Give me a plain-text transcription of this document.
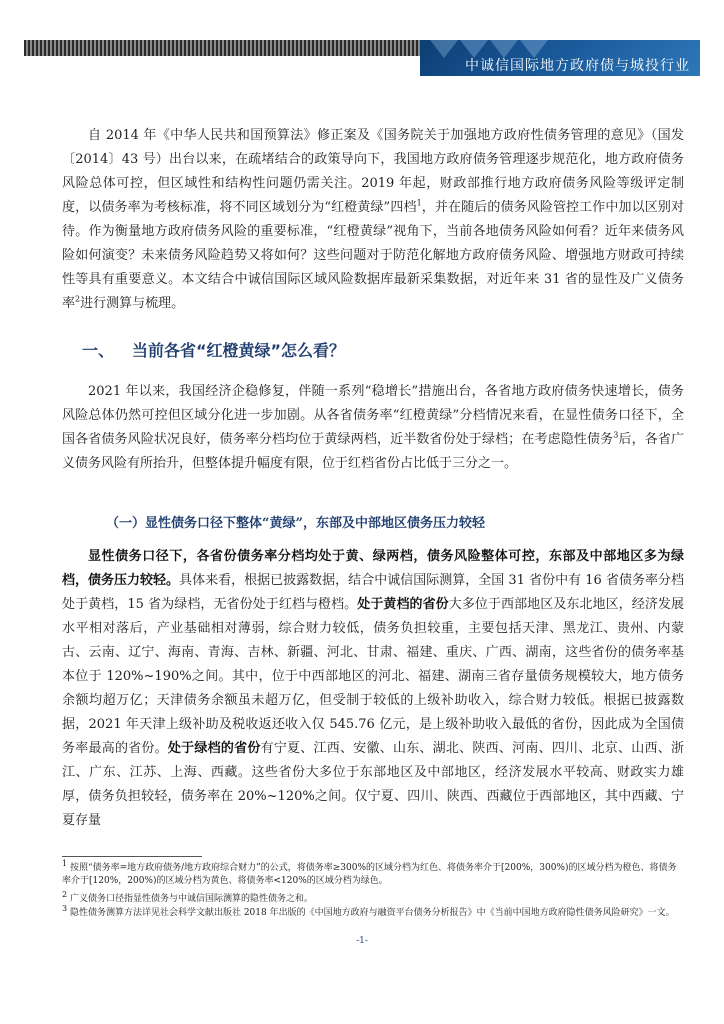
中诚信国际地方政府债与城投行业
自 2014 年《中华人民共和国预算法》修正案及《国务院关于加强地方政府性债务管理的意见》（国发〔2014〕43 号）出台以来，在疏堵结合的政策导向下，我国地方政府债务管理逐步规范化，地方政府债务风险总体可控，但区域性和结构性问题仍需关注。2019 年起，财政部推行地方政府债务风险等级评定制度，以债务率为考核标准，将不同区域划分为“红橙黄绿”四档$^1$，并在随后的债务风险管控工作中加以区别对待。作为衡量地方政府债务风险的重要标准，“红橙黄绿”视角下，当前各地债务风险如何看？近年来债务风险如何演变？未来债务风险趋势又将如何？这些问题对于防范化解地方政府债务风险、增强地方财政可持续性等具有重要意义。本文结合中诚信国际区域风险数据库最新采集数据，对近年来 31 省的显性及广义债务率$^2$进行测算与梳理。
一、 当前各省“红橙黄绿”怎么看？
2021 年以来，我国经济企稳修复，伴随一系列“稳增长”措施出台，各省地方政府债务快速增长，债务风险总体仍然可控但区域分化进一步加剧。从各省债务率“红橙黄绿”分档情况来看，在显性债务口径下，全国各省债务风险状况良好，债务率分档均位于黄绿两档，近半数省份处于绿档；在考虑隐性债务$^3$后，各省广义债务风险有所抬升，但整体提升幅度有限，位于红档省份占比低于三分之一。
（一）显性债务口径下整体“黄绿”，东部及中部地区债务压力较轻
显性债务口径下，各省份债务率分档均处于黄、绿两档，债务风险整体可控，东部及中部地区多为绿档，债务压力较轻。具体来看，根据已披露数据，结合中诚信国际测算，全国 31 省份中有 16 省债务率分档处于黄档，15 省为绿档，无省份处于红档与橙档。处于黄档的省份大多位于西部地区及东北地区，经济发展水平相对落后，产业基础相对薄弱，综合财力较低，债务负担较重，主要包括天津、黑龙江、贵州、内蒙古、云南、辽宁、海南、青海、吉林、新疆、河北、甘肃、福建、重庆、广西、湖南，这些省份的债务率基本位于 120%~190%之间。其中，位于中西部地区的河北、福建、湖南三省存量债务规模较大，地方债务余额均超万亿；天津债务余额虽未超万亿，但受制于较低的上级补助收入，综合财力较低。根据已披露数据，2021 年天津上级补助及税收返还收入仅 545.76 亿元，是上级补助收入最低的省份，因此成为全国债务率最高的省份。处于绿档的省份有宁夏、江西、安徽、山东、湖北、陕西、河南、四川、北京、山西、浙江、广东、江苏、上海、西藏。这些省份大多位于东部地区及中部地区，经济发展水平较高、财政实力雄厚，债务负担较轻，债务率在 20%~120%之间。仅宁夏、四川、陕西、西藏位于西部地区，其中西藏、宁夏存量
$^1$ 按照“债务率=地方政府债务/地方政府综合财力”的公式，将债务率≥300%的区域分档为红色、将债务率介于[200%，300%)的区域分档为橙色、将债务率介于[120%，200%)的区域分档为黄色、将债务率<120%的区域分档为绿色。
$^2$ 广义债务口径指显性债务与中诚信国际测算的隐性债务之和。
$^3$ 隐性债务测算方法详见社会科学文献出版社 2018 年出版的《中国地方政府与融资平台债务分析报告》中《当前中国地方政府隐性债务风险研究》一文。
-1-
